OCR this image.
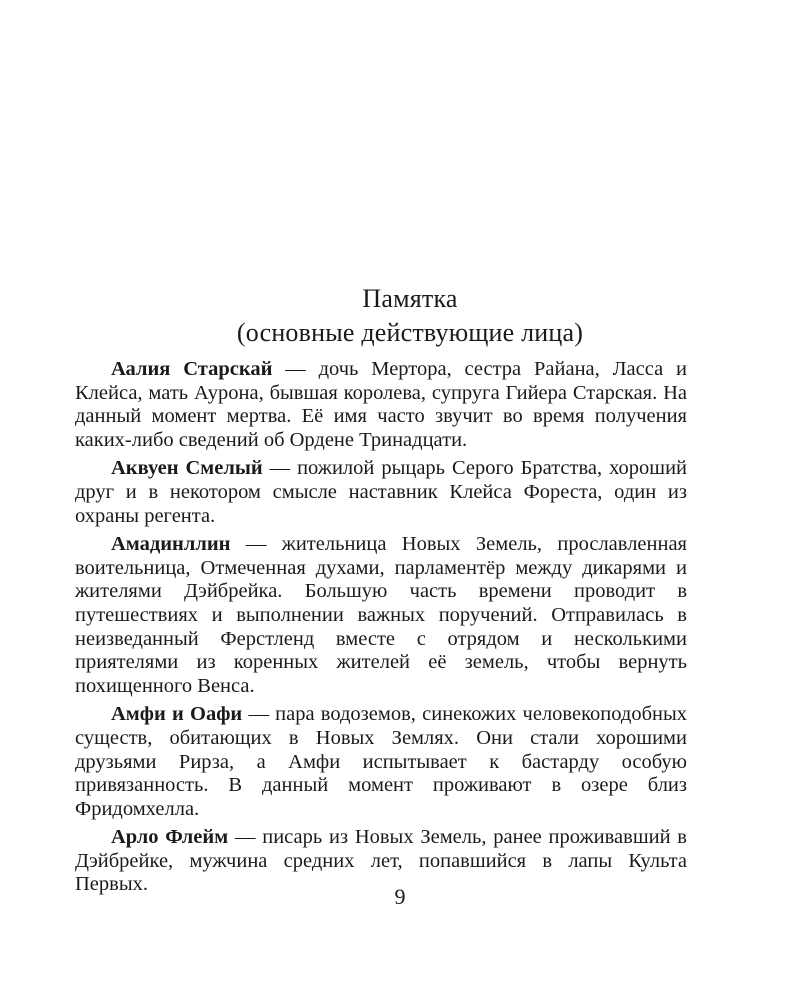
Памятка
(основные действующие лица)

Аалия Старскай — дочь Мертора, сестра Райана, Ласса и Клейса, мать Аурона, бывшая королева, супруга Гийера Старская. На данный момент мертва. Её имя часто звучит во время получения каких-либо сведений об Ордене Тринадцати.

Аквуен Смелый — пожилой рыцарь Серого Братства, хороший друг и в некотором смысле наставник Клейса Фореста, один из охраны регента.

Амадинллин — жительница Новых Земель, прославленная воительница, Отмеченная духами, парламентёр между дикарями и жителями Дэйбрейка. Большую часть времени проводит в путешествиях и выполнении важных поручений. Отправилась в неизведанный Ферстленд вместе с отрядом и несколькими приятелями из коренных жителей её земель, чтобы вернуть похищенного Венса.

Амфи и Оафи — пара водоземов, синекожих человекоподобных существ, обитающих в Новых Землях. Они стали хорошими друзьями Рирза, а Амфи испытывает к бастарду особую привязанность. В данный момент проживают в озере близ Фридомхелла.

Арло Флейм — писарь из Новых Земель, ранее проживавший в Дэйбрейке, мужчина средних лет, попавшийся в лапы Культа Первых.	9
